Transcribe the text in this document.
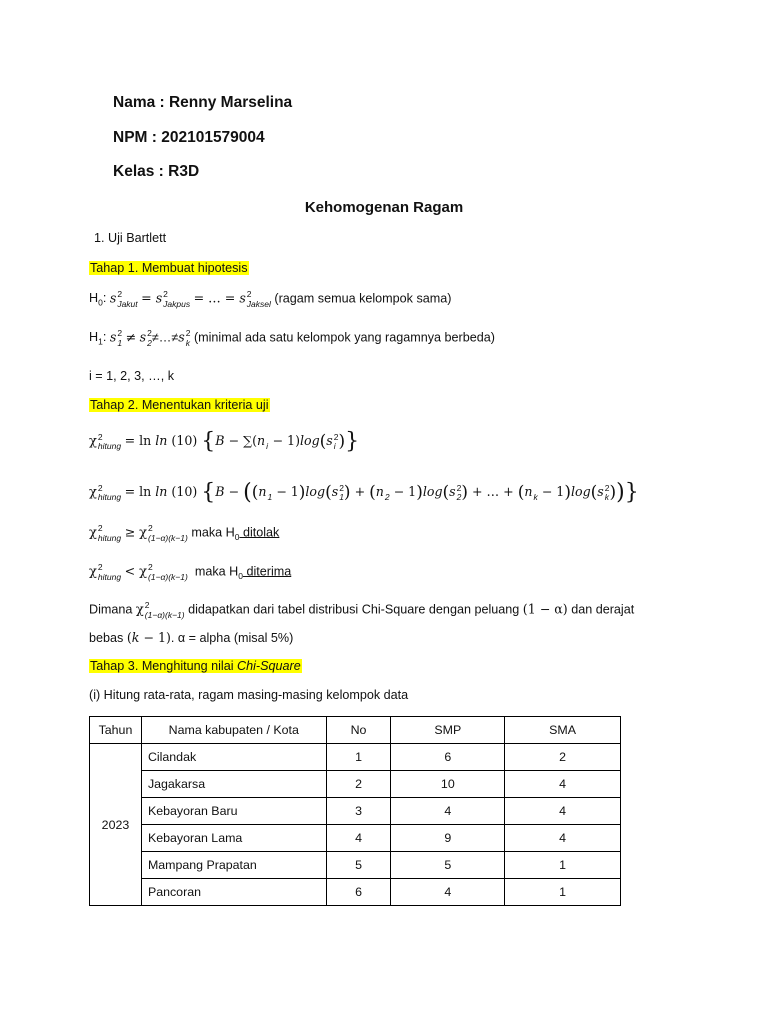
Nama : Renny Marselina
NPM : 202101579004
Kelas : R3D
Kehomogenan Ragam
1. Uji Bartlett
Tahap 1. Membuat hipotesis
$H_0$: s 2
Jakut = s 2
Jakpus = … = s 2
Jaksel (ragam semua kelompok sama)
$H_1$: s 2
1 ≠ s 2
2 ≠…≠s 2
k (minimal ada satu kelompok yang ragamnya berbeda)
i = 1, 2, 3, …, k
Tahap 2. Menentukan kriteria uji
χ 2
hitung = ln ln (10) {B − ∑(n
i − 1)log(s 2
i )}
χ 2
hitung = ln ln (10) {B − ((n
1 − 1)log(s 2
1 ) + (n
2 − 1)log(s 2
2 ) + … + (n
k − 1)log(s 2
k ))}
χ 2
hitung ≥ χ 2
(1−α)(k−1) maka $H_0$ ditolak
χ 2
hitung < χ 2
(1−α)(k−1) maka $H_0$ diterima
Dimana χ 2
(1−α)(k−1) didapatkan dari tabel distribusi Chi-Square dengan peluang (1 − α) dan derajat
bebas (k − 1). α = alpha (misal 5%)
Tahap 3. Menghitung nilai Chi-Square
(i) Hitung rata-rata, ragam masing-masing kelompok data
Tahun	Nama kabupaten / Kota	No	SMP	SMA
2023	Cilandak	1	6	2
	Jagakarsa	2	10	4
	Kebayoran Baru	3	4	4
	Kebayoran Lama	4	9	4
	Mampang Prapatan	5	5	1
	Pancoran	6	4	1
